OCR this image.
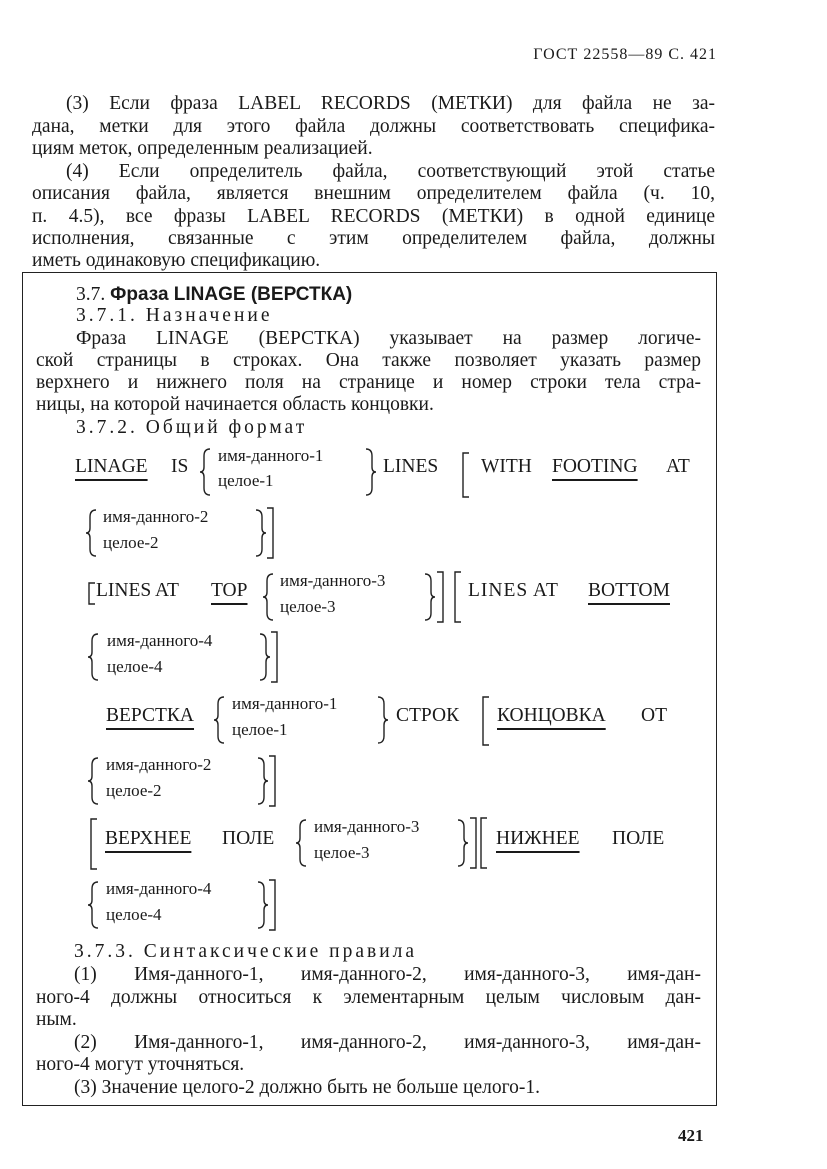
ГОСТ 22558—89 С. 421
(3) Если фраза LABEL RECORDS (МЕТКИ) для файла не за-
дана, метки для этого файла должны соответствовать специфика-
циям меток, определенным реализацией.
(4) Если определитель файла, соответствующий этой статье
описания файла, является внешним определителем файла (ч. 10,
п. 4.5), все фразы LABEL RECORDS (МЕТКИ) в одной единице
исполнения, связанные с этим определителем файла, должны
иметь одинаковую спецификацию.
3.7. Фраза LINAGE (ВЕРСТКА)
3.7.1. Назначение
Фраза LINAGE (ВЕРСТКА) указывает на размер логиче-
ской страницы в строках. Она также позволяет указать размер
верхнего и нижнего поля на странице и номер строки тела стра-
ницы, на которой начинается область концовки.
3.7.2. Общий формат
LINAGE IS
имя-данного-1
целое-1
LINES WITH FOOTING AT
имя-данного-2
целое-2
LINES AT TOP имя-данного-3
целое-3
LINES AT BOTTOM
имя-данного-4
целое-4
ВЕРСТКА
имя-данного-1
целое-1
СТРОК КОНЦОВКА ОТ
имя-данного-2
целое-2
ВЕРХНЕЕ ПОЛЕ
имя-данного-3
целое-3
НИЖНЕЕ ПОЛЕ
имя-данного-4
целое-4
3.7.3. Синтаксические правила
(1) Имя-данного-1, имя-данного-2, имя-данного-3, имя-дан-
ного-4 должны относиться к элементарным целым числовым дан-
ным.
(2) Имя-данного-1, имя-данного-2, имя-данного-3, имя-дан-
ного-4 могут уточняться.
(3) Значение целого-2 должно быть не больше целого-1.
421
